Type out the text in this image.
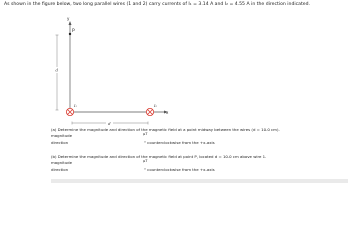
As shown in the figure below, two long parallel wires (1 and 2) carry currents of I₁ = 3.14 A and I₂ = 4.55 A in the direction indicated.
y
x
P
d
I₁	I₂
d
(a) Determine the magnitude and direction of the magnetic field at a point midway between the wires (d = 10.0 cm).
magnitude	μT
direction	° counterclockwise from the +x-axis
(b) Determine the magnitude and direction of the magnetic field at point P, located d = 10.0 cm above wire 1.
magnitude	μT
direction	° counterclockwise from the +x-axis
